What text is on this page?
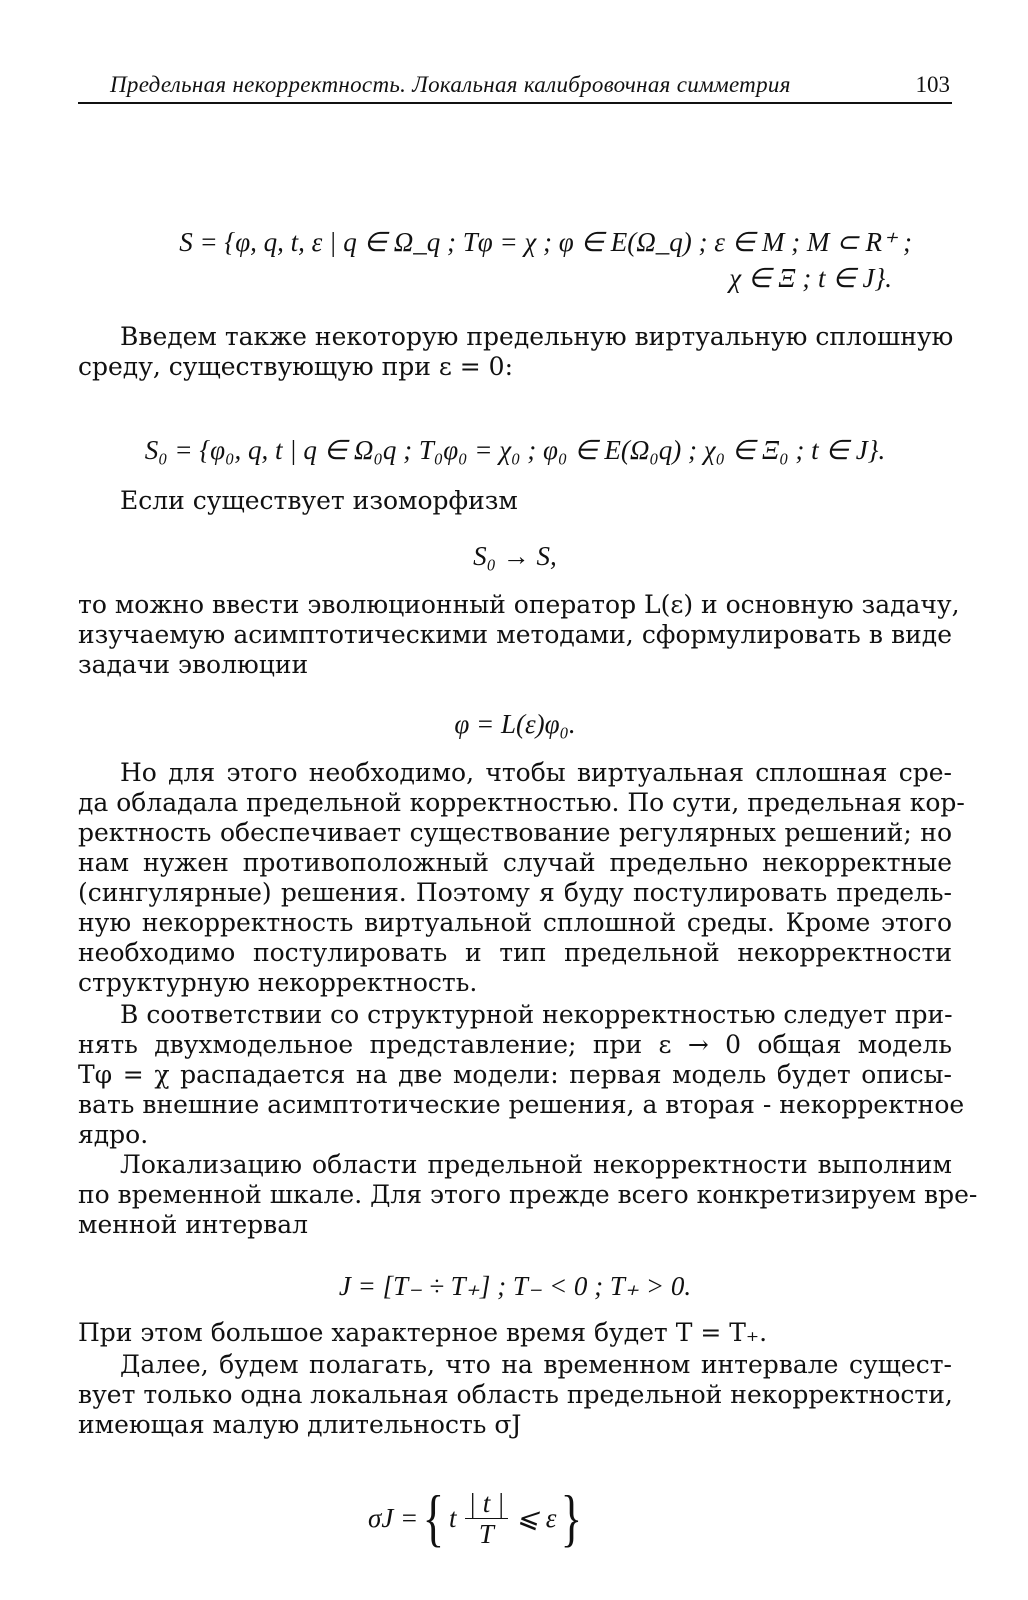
Предельная некорректность. Локальная калибровочная симметрия	103
S = {φ, q, t, ε | q ∈ Ω_q ; Tφ = χ ; φ ∈ E(Ω_q) ; ε ∈ M ; M ⊂ R⁺ ;
χ ∈ Ξ ; t ∈ J}.
Введем также некоторую предельную виртуальную сплошную
среду, существующую при ε = 0:
S₀ = {φ₀, q, t | q ∈ Ω₀q ; T₀φ₀ = χ₀ ; φ₀ ∈ E(Ω₀q) ; χ₀ ∈ Ξ₀ ; t ∈ J}.
Если существует изоморфизм
S₀ → S,
то можно ввести эволюционный оператор L(ε) и основную задачу,
изучаемую асимптотическими методами, сформулировать в виде
задачи эволюции
φ = L(ε)φ₀.
Но для этого необходимо, чтобы виртуальная сплошная сре-
да обладала предельной корректностью. По сути, предельная кор-
ректность обеспечивает существование регулярных решений; но
нам нужен противоположный случай предельно некорректные
(сингулярные) решения. Поэтому я буду постулировать предель-
ную некорректность виртуальной сплошной среды. Кроме этого
необходимо постулировать и тип предельной некорректности
структурную некорректность.
В соответствии со структурной некорректностью следует при-
нять двухмодельное представление; при ε → 0 общая модель
Tφ = χ распадается на две модели: первая модель будет описы-
вать внешние асимптотические решения, а вторая - некорректное
ядро.
Локализацию области предельной некорректности выполним
по временной шкале. Для этого прежде всего конкретизируем вре-
менной интервал
J = [T₋ ÷ T₊] ; T₋ < 0 ; T₊ > 0.
При этом большое характерное время будет T = T₊.
Далее, будем полагать, что на временном интервале сущест-
вует только одна локальная область предельной некорректности,
имеющая малую длительность σJ
σJ = { t $\frac{| t |}{T}$ ⩽ ε }
